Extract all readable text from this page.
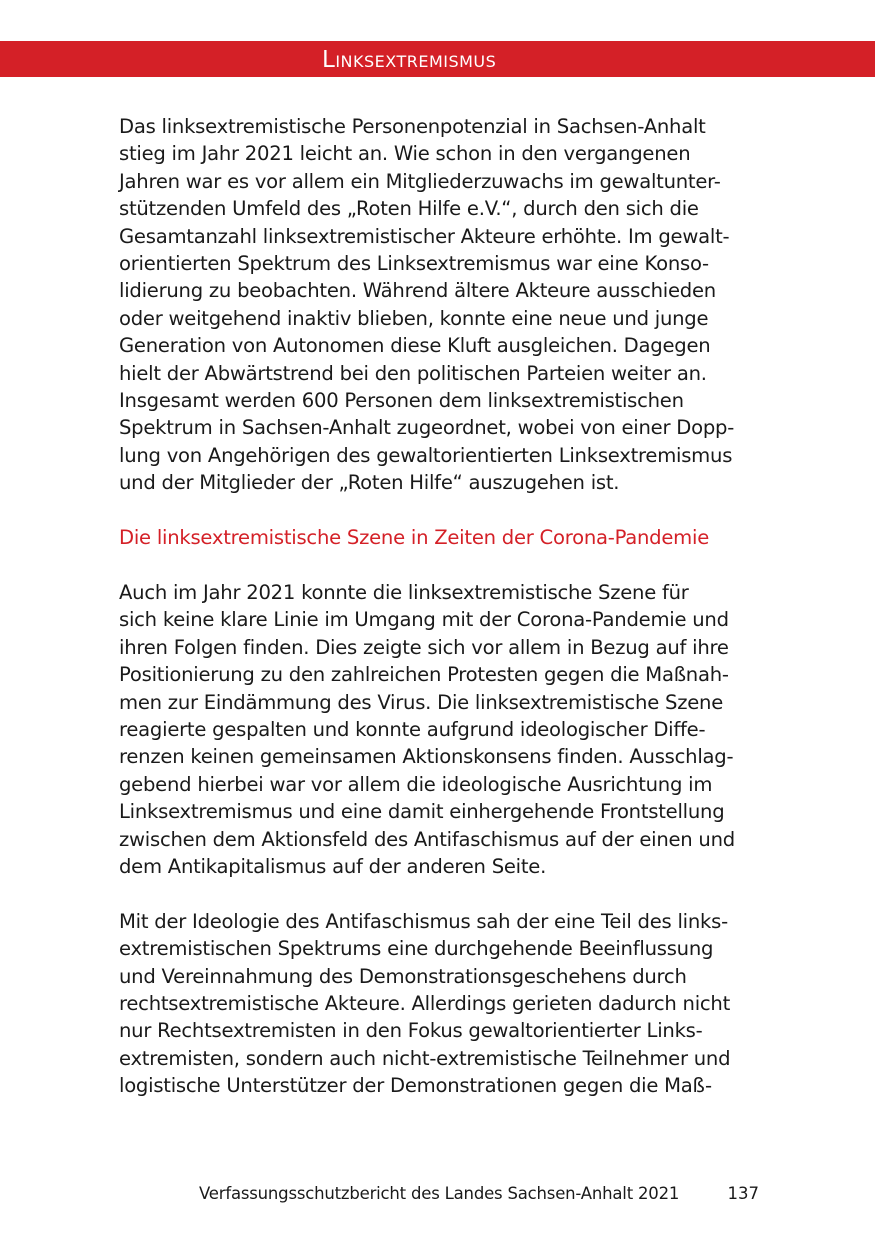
Linksextremismus

Das linksextremistische Personenpotenzial in Sachsen-Anhalt
stieg im Jahr 2021 leicht an. Wie schon in den vergangenen
Jahren war es vor allem ein Mitgliederzuwachs im gewaltunter-
stützenden Umfeld des „Roten Hilfe e.V.“, durch den sich die
Gesamtanzahl linksextremistischer Akteure erhöhte. Im gewalt-
orientierten Spektrum des Linksextremismus war eine Konso-
lidierung zu beobachten. Während ältere Akteure ausschieden
oder weitgehend inaktiv blieben, konnte eine neue und junge
Generation von Autonomen diese Kluft ausgleichen. Dagegen
hielt der Abwärtstrend bei den politischen Parteien weiter an.
Insgesamt werden 600 Personen dem linksextremistischen
Spektrum in Sachsen-Anhalt zugeordnet, wobei von einer Dopp-
lung von Angehörigen des gewaltorientierten Linksextremismus
und der Mitglieder der „Roten Hilfe“ auszugehen ist.

Die linksextremistische Szene in Zeiten der Corona-Pandemie

Auch im Jahr 2021 konnte die linksextremistische Szene für
sich keine klare Linie im Umgang mit der Corona-Pandemie und
ihren Folgen finden. Dies zeigte sich vor allem in Bezug auf ihre
Positionierung zu den zahlreichen Protesten gegen die Maßnah-
men zur Eindämmung des Virus. Die linksextremistische Szene
reagierte gespalten und konnte aufgrund ideologischer Diffe-
renzen keinen gemeinsamen Aktionskonsens finden. Ausschlag-
gebend hierbei war vor allem die ideologische Ausrichtung im
Linksextremismus und eine damit einhergehende Frontstellung
zwischen dem Aktionsfeld des Antifaschismus auf der einen und
dem Antikapitalismus auf der anderen Seite.

Mit der Ideologie des Antifaschismus sah der eine Teil des links-
extremistischen Spektrums eine durchgehende Beeinflussung
und Vereinnahmung des Demonstrationsgeschehens durch
rechtsextremistische Akteure. Allerdings gerieten dadurch nicht
nur Rechtsextremisten in den Fokus gewaltorientierter Links-
extremisten, sondern auch nicht-extremistische Teilnehmer und
logistische Unterstützer der Demonstrationen gegen die Maß-

Verfassungsschutzbericht des Landes Sachsen-Anhalt 2021	137
